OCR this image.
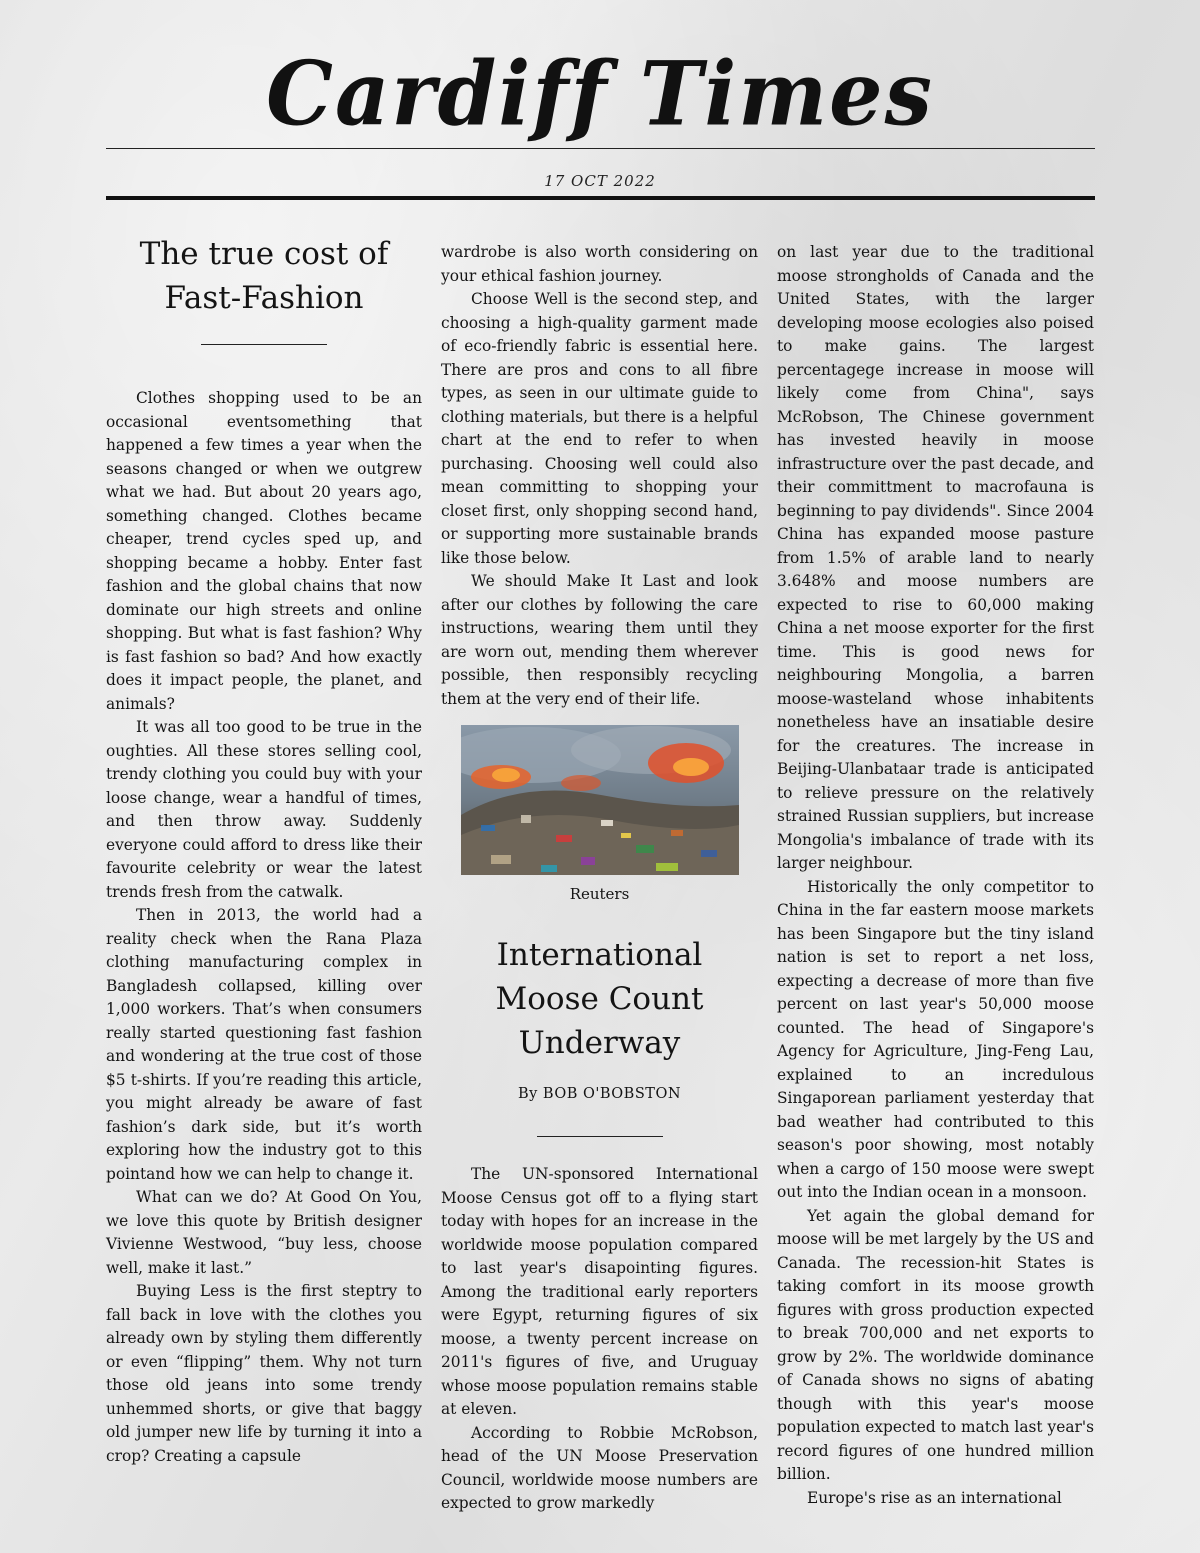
Cardiff Times
17 OCT 2022
The true cost of
Fast-Fashion

Clothes shopping used to be an occasional eventsomething that happened a few times a year when the seasons changed or when we outgrew what we had. But about 20 years ago, something changed. Clothes became cheaper, trend cycles sped up, and shopping became a hobby. Enter fast fashion and the global chains that now dominate our high streets and online shopping. But what is fast fashion? Why is fast fashion so bad? And how exactly does it impact people, the planet, and animals?

It was all too good to be true in the oughties. All these stores selling cool, trendy clothing you could buy with your loose change, wear a handful of times, and then throw away. Suddenly everyone could afford to dress like their favourite celebrity or wear the latest trends fresh from the catwalk.

Then in 2013, the world had a reality check when the Rana Plaza clothing manufacturing complex in Bangladesh collapsed, killing over 1,000 workers. That’s when consumers really started questioning fast fashion and wondering at the true cost of those $5 t-shirts. If you’re reading this article, you might already be aware of fast fashion’s dark side, but it’s worth exploring how the industry got to this pointand how we can help to change it.

What can we do? At Good On You, we love this quote by British designer Vivienne Westwood, “buy less, choose well, make it last.”

Buying Less is the first steptry to fall back in love with the clothes you already own by styling them differently or even “flipping” them. Why not turn those old jeans into some trendy unhemmed shorts, or give that baggy old jumper new life by turning it into a crop? Creating a capsule

wardrobe is also worth considering on your ethical fashion journey.

Choose Well is the second step, and choosing a high-quality garment made of eco-friendly fabric is essential here. There are pros and cons to all fibre types, as seen in our ultimate guide to clothing materials, but there is a helpful chart at the end to refer to when purchasing. Choosing well could also mean committing to shopping your closet first, only shopping second hand, or supporting more sustainable brands like those below.

We should Make It Last and look after our clothes by following the care instructions, wearing them until they are worn out, mending them wherever possible, then responsibly recycling them at the very end of their life.

Reuters
International
Moose Count
Underway
By BOB O'BOBSTON

The UN-sponsored International Moose Census got off to a flying start today with hopes for an increase in the worldwide moose population compared to last year's disapointing figures. Among the traditional early reporters were Egypt, returning figures of six moose, a twenty percent increase on 2011's figures of five, and Uruguay whose moose population remains stable at eleven.

According to Robbie McRobson, head of the UN Moose Preservation Council, worldwide moose numbers are expected to grow markedly

on last year due to the traditional moose strongholds of Canada and the United States, with the larger developing moose ecologies also poised to make gains. The largest percentagege increase in moose will likely come from China", says McRobson, The Chinese government has invested heavily in moose infrastructure over the past decade, and their committment to macrofauna is beginning to pay dividends". Since 2004 China has expanded moose pasture from 1.5% of arable land to nearly 3.648% and moose numbers are expected to rise to 60,000 making China a net moose exporter for the first time. This is good news for neighbouring Mongolia, a barren moose-wasteland whose inhabitents nonetheless have an insatiable desire for the creatures. The increase in Beijing-Ulanbataar trade is anticipated to relieve pressure on the relatively strained Russian suppliers, but increase Mongolia's imbalance of trade with its larger neighbour.

Historically the only competitor to China in the far eastern moose markets has been Singapore but the tiny island nation is set to report a net loss, expecting a decrease of more than five percent on last year's 50,000 moose counted. The head of Singapore's Agency for Agriculture, Jing-Feng Lau, explained to an incredulous Singaporean parliament yesterday that bad weather had contributed to this season's poor showing, most notably when a cargo of 150 moose were swept out into the Indian ocean in a monsoon.

Yet again the global demand for moose will be met largely by the US and Canada. The recession-hit States is taking comfort in its moose growth figures with gross production expected to break 700,000 and net exports to grow by 2%. The worldwide dominance of Canada shows no signs of abating though with this year's moose population expected to match last year's record figures of one hundred million billion.

Europe's rise as an international
